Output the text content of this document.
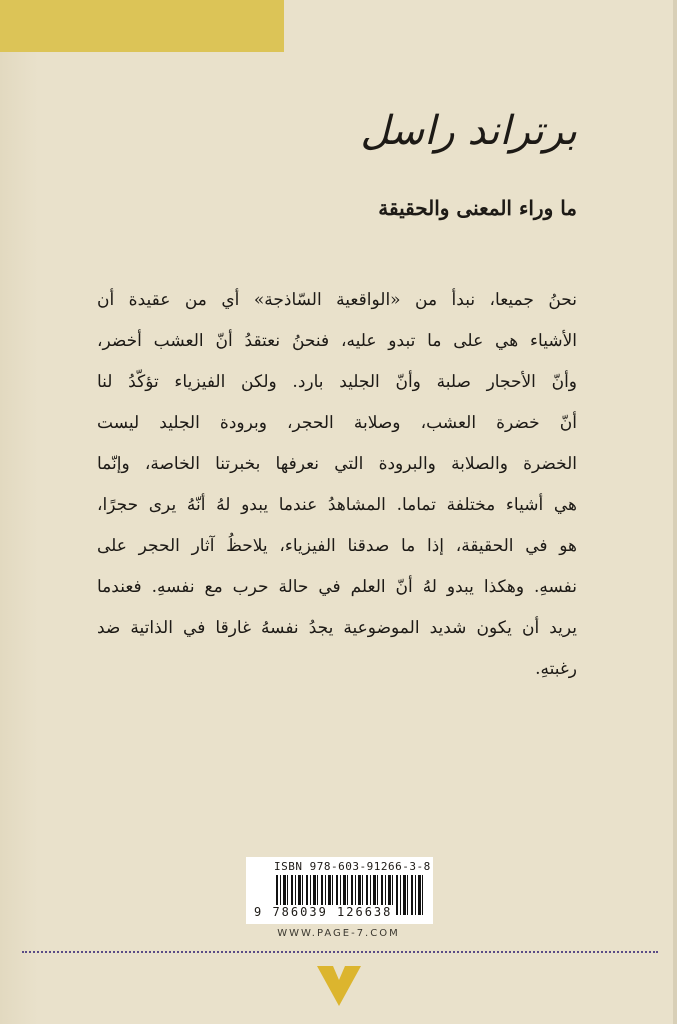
برتراند راسل
ما وراء المعنى والحقيقة
نحنُ جميعا، نبدأ من «الواقعية السّاذجة» أي من عقيدة أن
الأشياء هي على ما تبدو عليه، فنحنُ نعتقدُ أنّ العشب أخضر،
وأنّ الأحجار صلبة وأنّ الجليد بارد. ولكن الفيزياء تؤكّدُ لنا
أنّ خضرة العشب، وصلابة الحجر، وبرودة الجليد ليست
الخضرة والصلابة والبرودة التي نعرفها بخبرتنا الخاصة، وإنّما
هي أشياء مختلفة تماما. المشاهدُ عندما يبدو لهُ أنّهُ يرى حجرًا،
هو في الحقيقة، إذا ما صدقنا الفيزياء، يلاحظُ آثار الحجر على
نفسهِ. وهكذا يبدو لهُ أنّ العلم في حالة حرب مع نفسهِ. فعندما
يريد أن يكون شديد الموضوعية يجدُ نفسهُ غارقا في الذاتية ضد
رغبتهِ.
ISBN 978-603-91266-3-8
9 786039 126638
WWW.PAGE-7.COM
